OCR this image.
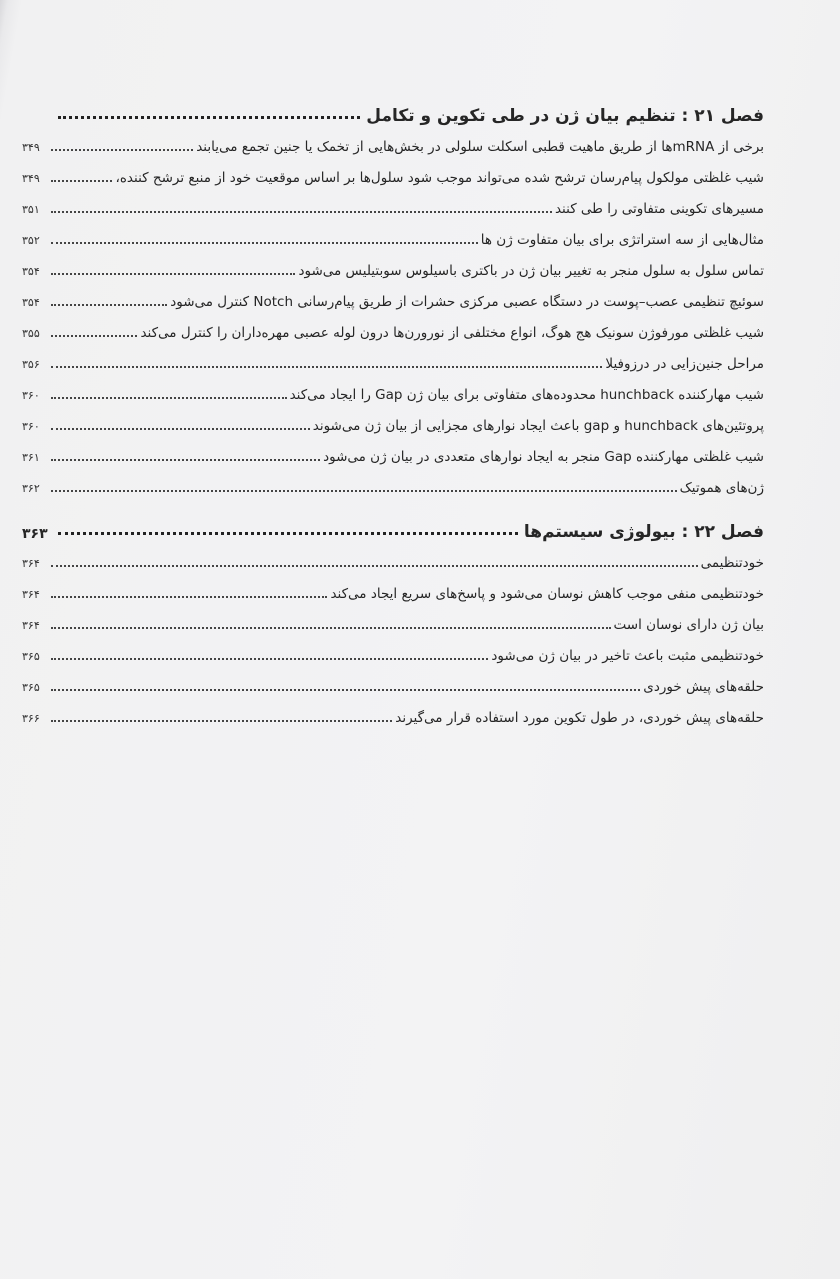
فصل ۲۱ : تنظیم بیان ژن در طی تکوین و تکامل
برخی از mRNAها از طریق ماهیت قطبی اسکلت سلولی در بخش‌هایی از تخمک یا جنین تجمع می‌یابند
۳۴۹
شیب غلظتی مولکول پیام‌رسان ترشح شده می‌تواند موجب شود سلول‌ها بر اساس موقعیت خود از منبع ترشح کننده،
۳۴۹
مسیرهای تکوینی متفاوتی را طی کنند
۳۵۱
مثال‌هایی از سه استراتژی برای بیان متفاوت ژن ها
۳۵۲
تماس سلول به سلول منجر به تغییر بیان ژن در باکتری باسیلوس سوبتیلیس می‌شود
۳۵۴
سوئیچ تنظیمی عصب–پوست در دستگاه عصبی مرکزی حشرات از طریق پیام‌رسانی Notch کنترل می‌شود
۳۵۴
شیب غلظتی مورفوژن سونیک هج هوگ، انواع مختلفی از نورورن‌ها درون لوله عصبی مهره‌داران را کنترل می‌کند
۳۵۵
مراحل جنین‌زایی در درزوفیلا
۳۵۶
شیب مهارکننده hunchback محدوده‌های متفاوتی برای بیان ژن Gap را ایجاد می‌کند
۳۶۰
پروتئین‌های hunchback و gap باعث ایجاد نوارهای مجزایی از بیان ژن می‌شوند
۳۶۰
شیب غلظتی مهارکننده Gap منجر به ایجاد نوارهای متعددی در بیان ژن می‌شود
۳۶۱
ژن‌های هموتیک
۳۶۲
فصل ۲۲ : بیولوژی سیستم‌ها
۳۶۳
خودتنظیمی
۳۶۴
خودتنظیمی منفی موجب کاهش نوسان می‌شود و پاسخ‌های سریع ایجاد می‌کند
۳۶۴
بیان ژن دارای نوسان است
۳۶۴
خودتنظیمی مثبت باعث تاخیر در بیان ژن می‌شود
۳۶۵
حلقه‌های پیش خوردی
۳۶۵
حلقه‌های پیش خوردی، در طول تکوین مورد استفاده قرار می‌گیرند
۳۶۶
